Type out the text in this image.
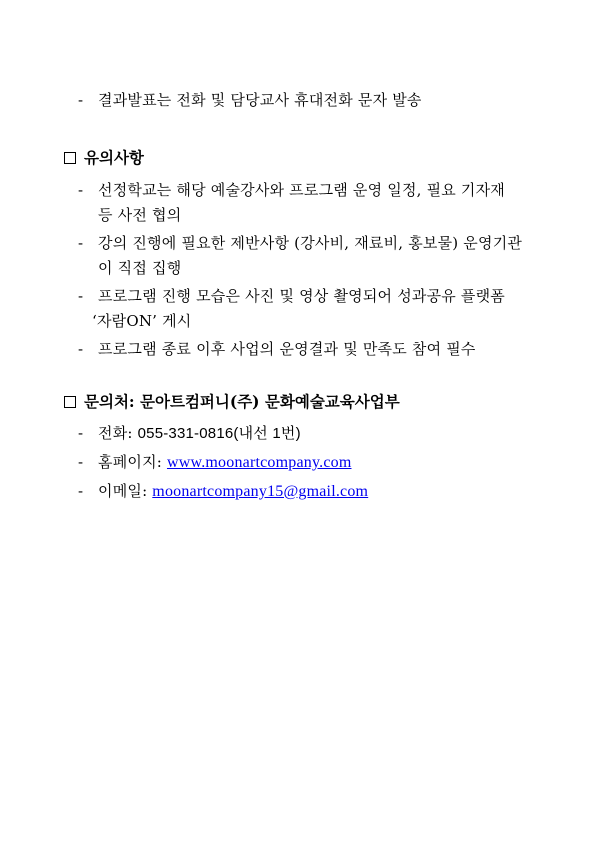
- 결과발표는 전화 및 담당교사 휴대전화 문자 발송
유의사항
- 선정학교는 해당 예술강사와 프로그램 운영 일정, 필요 기자재
등 사전 협의
- 강의 진행에 필요한 제반사항 (강사비, 재료비, 홍보물) 운영기관
이 직접 집행
- 프로그램 진행 모습은 사진 및 영상 촬영되어 성과공유 플랫폼
‘자람ON’ 게시
- 프로그램 종료 이후 사업의 운영결과 및 만족도 참여 필수
문의처: 문아트컴퍼니(주) 문화예술교육사업부
- 전화: 055-331-0816(내선 1번)
- 홈페이지: www.moonartcompany.com
- 이메일: moonartcompany15@gmail.com
